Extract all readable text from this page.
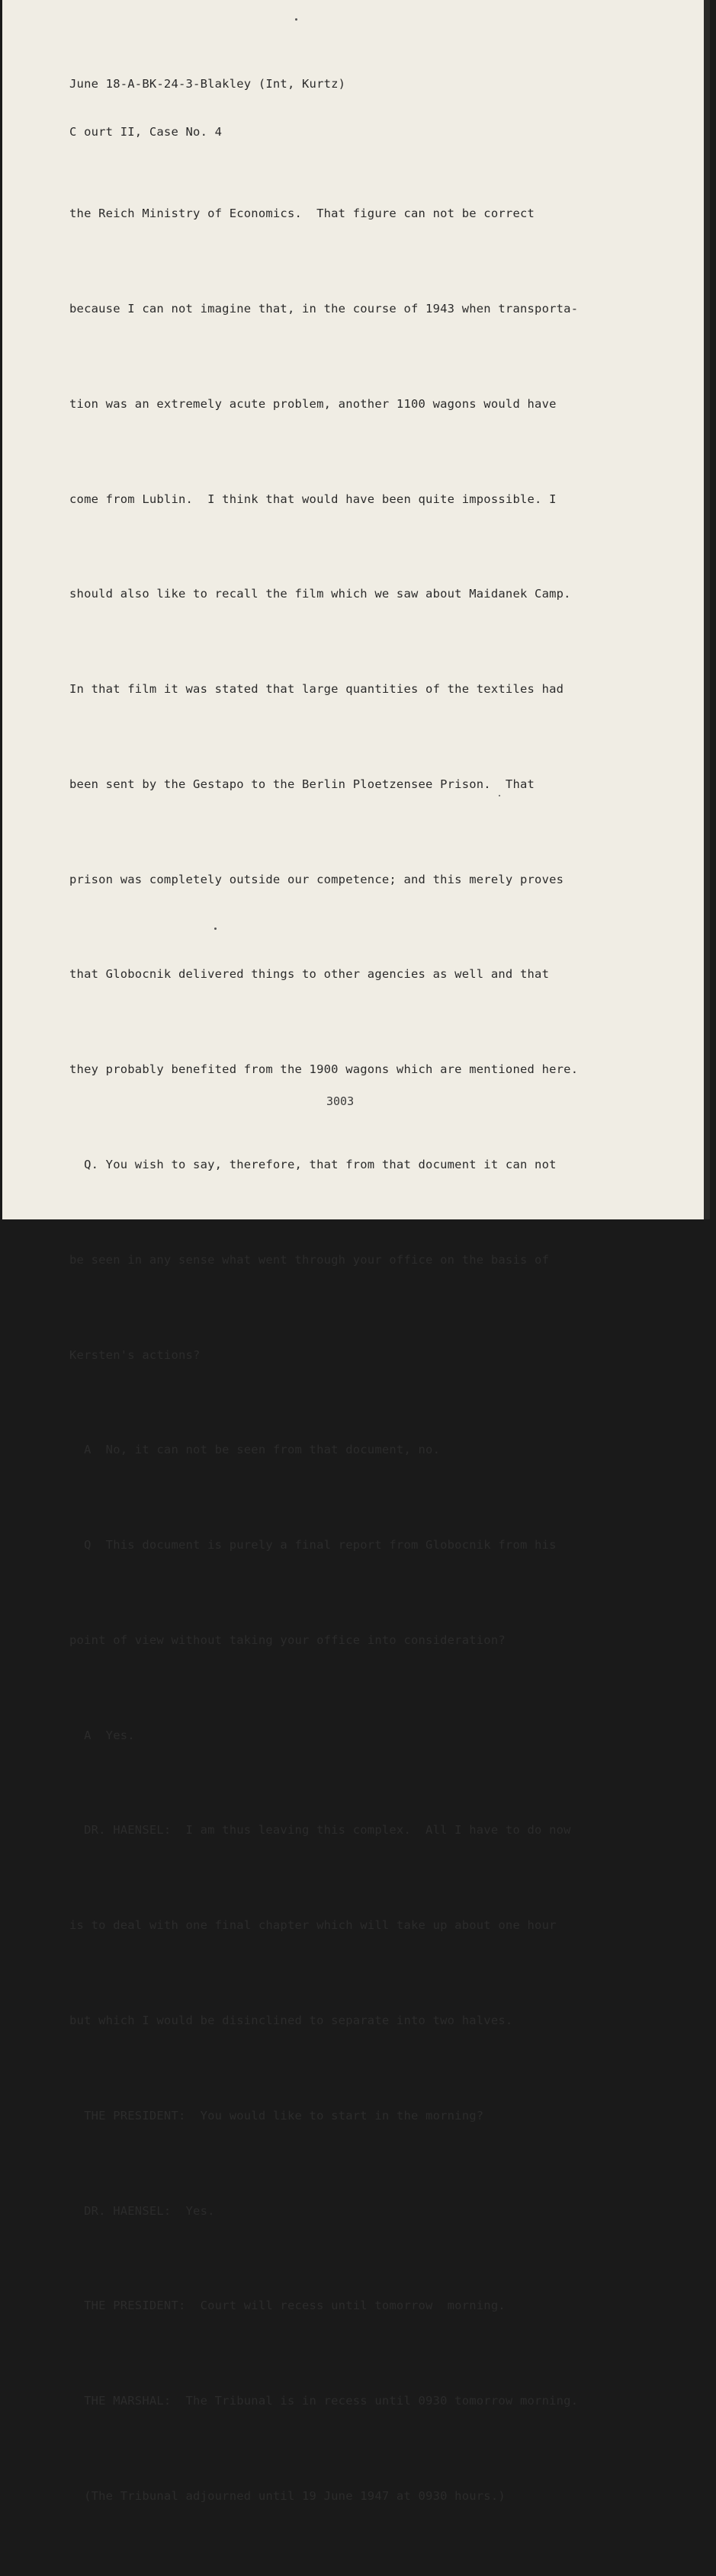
June 18-A-BK-24-3-Blakley (Int, Kurtz)

C ourt II, Case No. 4

the Reich Ministry of Economics.  That figure can not be correct

because I can not imagine that, in the course of 1943 when transporta-

tion was an extremely acute problem, another 1100 wagons would have

come from Lublin.  I think that would have been quite impossible. I

should also like to recall the film which we saw about Maidanek Camp.

In that film it was stated that large quantities of the textiles had

been sent by the Gestapo to the Berlin Ploetzensee Prison.  That

prison was completely outside our competence; and this merely proves

that Globocnik delivered things to other agencies as well and that

they probably benefited from the 1900 wagons which are mentioned here.

Q. You wish to say, therefore, that from that document it can not

be seen in any sense what went through your office on the basis of

Kersten's actions?

A  No, it can not be seen from that document, no.

Q  This document is purely a final report from Globocnik from his

point of view without taking your office into consideration?

A  Yes.

DR. HAENSEL:  I am thus leaving this complex.  All I have to do now

is to deal with one final chapter which will take up about one hour

but which I would be disinclined to separate into two halves.

THE PRESIDENT:  You would like to start in the morning?

DR. HAENSEL:  Yes.

THE PRESIDENT:  Court will recess until tomorrow  morning.

THE MARSHAL:  The Tribunal is in recess until 0930 tomorrow morning.

(The Tribunal adjourned until 19 June 1947 at 0930 hours.)

3003
